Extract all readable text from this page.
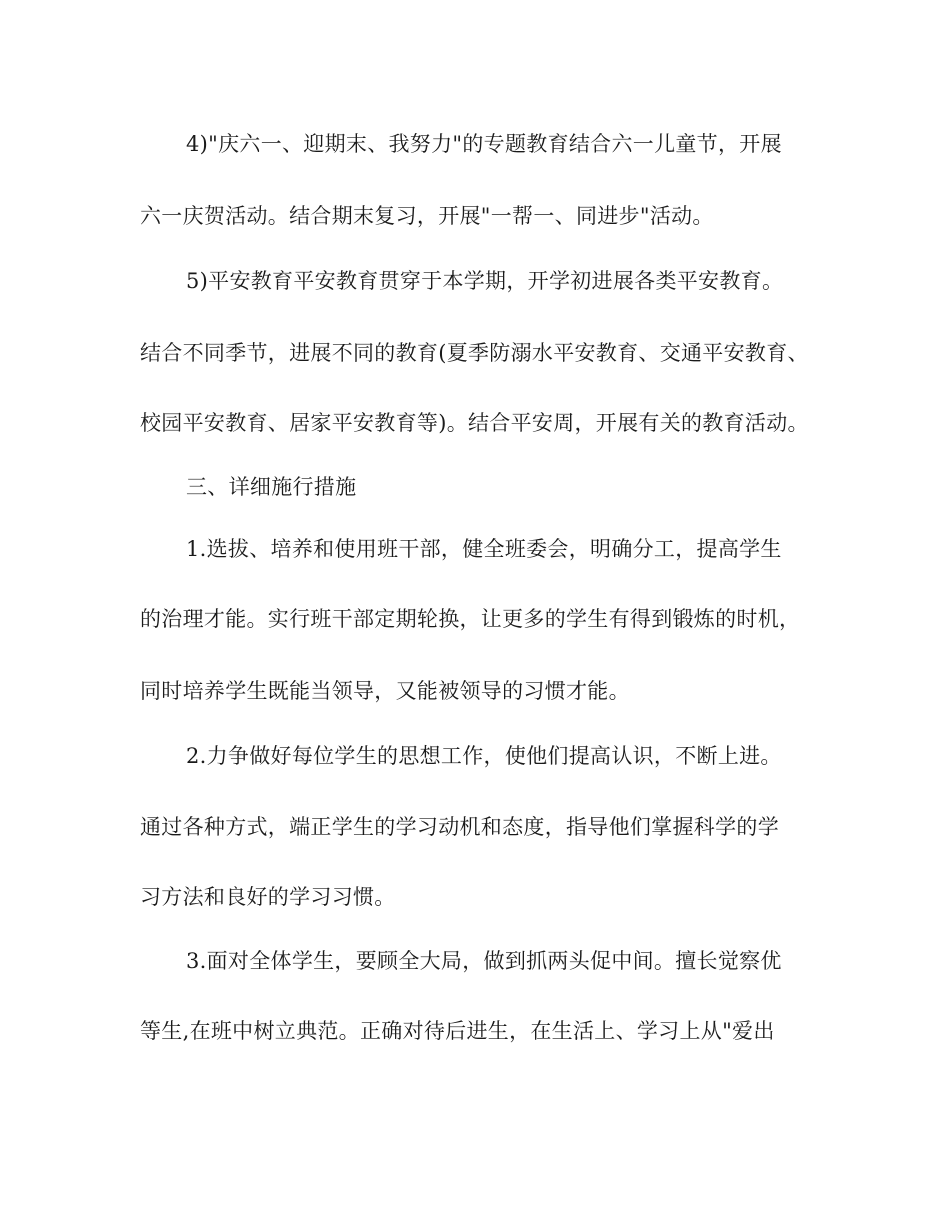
4)"庆六一、迎期末、我努力"的专题教育结合六一儿童节，开展
六一庆贺活动。结合期末复习，开展"一帮一、同进步"活动。
5)平安教育平安教育贯穿于本学期，开学初进展各类平安教育。
结合不同季节，进展不同的教育(夏季防溺水平安教育、交通平安教育、
校园平安教育、居家平安教育等)。结合平安周，开展有关的教育活动。
三、详细施行措施
1.选拔、培养和使用班干部，健全班委会，明确分工，提高学生
的治理才能。实行班干部定期轮换，让更多的学生有得到锻炼的时机，
同时培养学生既能当领导，又能被领导的习惯才能。
2.力争做好每位学生的思想工作，使他们提高认识，不断上进。
通过各种方式，端正学生的学习动机和态度，指导他们掌握科学的学
习方法和良好的学习习惯。
3.面对全体学生，要顾全大局，做到抓两头促中间。擅长觉察优
等生,在班中树立典范。正确对待后进生，在生活上、学习上从"爱出
